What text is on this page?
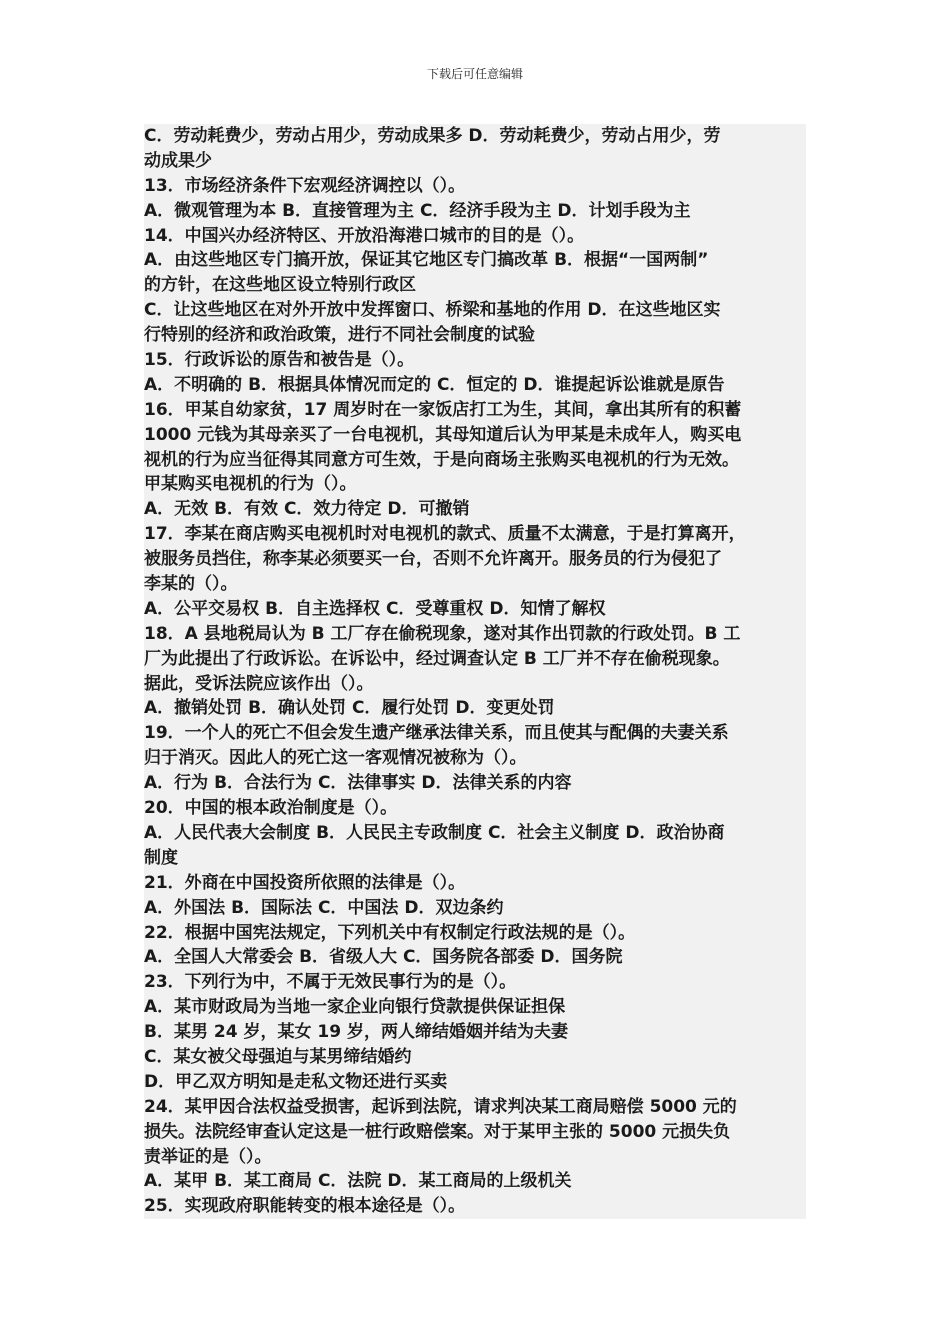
下载后可任意编辑
C．劳动耗费少，劳动占用少，劳动成果多 D．劳动耗费少，劳动占用少，劳
动成果少
13．市场经济条件下宏观经济调控以（）。
A．微观管理为本 B．直接管理为主 C．经济手段为主 D．计划手段为主
14．中国兴办经济特区、开放沿海港口城市的目的是（）。
A．由这些地区专门搞开放，保证其它地区专门搞改革 B．根据“一国两制”
的方针，在这些地区设立特别行政区
C．让这些地区在对外开放中发挥窗口、桥梁和基地的作用 D．在这些地区实
行特别的经济和政治政策，进行不同社会制度的试验
15．行政诉讼的原告和被告是（）。
A．不明确的 B．根据具体情况而定的 C．恒定的 D．谁提起诉讼谁就是原告
16．甲某自幼家贫，17 周岁时在一家饭店打工为生，其间，拿出其所有的积蓄
1000 元钱为其母亲买了一台电视机，其母知道后认为甲某是未成年人，购买电
视机的行为应当征得其同意方可生效，于是向商场主张购买电视机的行为无效。
甲某购买电视机的行为（）。
A．无效 B．有效 C．效力待定 D．可撤销
17．李某在商店购买电视机时对电视机的款式、质量不太满意，于是打算离开，
被服务员挡住，称李某必须要买一台，否则不允许离开。服务员的行为侵犯了
李某的（）。
A．公平交易权 B．自主选择权 C．受尊重权 D．知情了解权
18．A 县地税局认为 B 工厂存在偷税现象，遂对其作出罚款的行政处罚。B 工
厂为此提出了行政诉讼。在诉讼中，经过调查认定 B 工厂并不存在偷税现象。
据此，受诉法院应该作出（）。
A．撤销处罚 B．确认处罚 C．履行处罚 D．变更处罚
19．一个人的死亡不但会发生遗产继承法律关系，而且使其与配偶的夫妻关系
归于消灭。因此人的死亡这一客观情况被称为（）。
A．行为 B．合法行为 C．法律事实 D．法律关系的内容
20．中国的根本政治制度是（）。
A．人民代表大会制度 B．人民民主专政制度 C．社会主义制度 D．政治协商
制度
21．外商在中国投资所依照的法律是（）。
A．外国法 B．国际法 C．中国法 D．双边条约
22．根据中国宪法规定，下列机关中有权制定行政法规的是（）。
A．全国人大常委会 B．省级人大 C．国务院各部委 D．国务院
23．下列行为中，不属于无效民事行为的是（）。
A．某市财政局为当地一家企业向银行贷款提供保证担保
B．某男 24 岁，某女 19 岁，两人缔结婚姻并结为夫妻
C．某女被父母强迫与某男缔结婚约
D．甲乙双方明知是走私文物还进行买卖
24．某甲因合法权益受损害，起诉到法院，请求判决某工商局赔偿 5000 元的
损失。法院经审查认定这是一桩行政赔偿案。对于某甲主张的 5000 元损失负
责举证的是（）。
A．某甲 B．某工商局 C．法院 D．某工商局的上级机关
25．实现政府职能转变的根本途径是（）。
